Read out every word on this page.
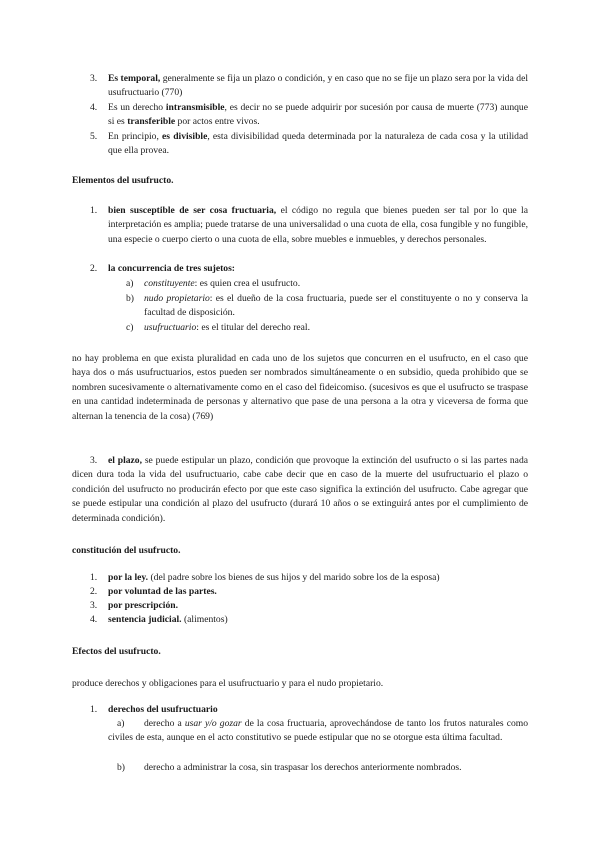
3. Es temporal, generalmente se fija un plazo o condición, y en caso que no se fije un plazo sera por la vida del usufructuario (770)

4. Es un derecho intransmisible, es decir no se puede adquirir por sucesión por causa de muerte (773) aunque si es transferible por actos entre vivos.

5. En principio, es divisible, esta divisibilidad queda determinada por la naturaleza de cada cosa y la utilidad que ella provea.

Elementos del usufructo.
1. bien susceptible de ser cosa fructuaria, el código no regula que bienes pueden ser tal por lo que la interpretación es amplia; puede tratarse de una universalidad o una cuota de ella, cosa fungible y no fungible, una especie o cuerpo cierto o una cuota de ella, sobre muebles e inmuebles, y derechos personales.

2. la concurrencia de tres sujetos:

a) constituyente: es quien crea el usufructo.

b) nudo propietario: es el dueño de la cosa fructuaria, puede ser el constituyente o no y conserva la facultad de disposición.

c) usufructuario: es el titular del derecho real.

no hay problema en que exista pluralidad en cada uno de los sujetos que concurren en el usufructo, en el caso que haya dos o más usufructuarios, estos pueden ser nombrados simultáneamente o en subsidio, queda prohibido que se nombren sucesivamente o alternativamente como en el caso del fideicomiso. (sucesivos es que el usufructo se traspase en una cantidad indeterminada de personas y alternativo que pase de una persona a la otra y viceversa de forma que alternan la tenencia de la cosa) (769)

3.	el plazo, se puede estipular un plazo, condición que provoque la extinción del usufructo o si las partes nada dicen dura toda la vida del usufructuario, cabe cabe decir que en caso de la muerte del usufructuario el plazo o condición del usufructo no producirán efecto por que este caso significa la extinción del usufructo. Cabe agregar que se puede estipular una condición al plazo del usufructo (durará 10 años o se extinguirá antes por el cumplimiento de determinada condición).

constitución del usufructo.
1. por la ley. (del padre sobre los bienes de sus hijos y del marido sobre los de la esposa)

2. por voluntad de las partes.

3. por prescripción.

4. sentencia judicial. (alimentos)

Efectos del usufructo.

produce derechos y obligaciones para el usufructuario y para el nudo propietario.

1. derechos del usufructuario

a)	derecho a usar y/o gozar de la cosa fructuaria, aprovechándose de tanto los frutos naturales como civiles de esta, aunque en el acto constitutivo se puede estipular que no se otorgue esta última facultad.

b)	derecho a administrar la cosa, sin traspasar los derechos anteriormente nombrados.
